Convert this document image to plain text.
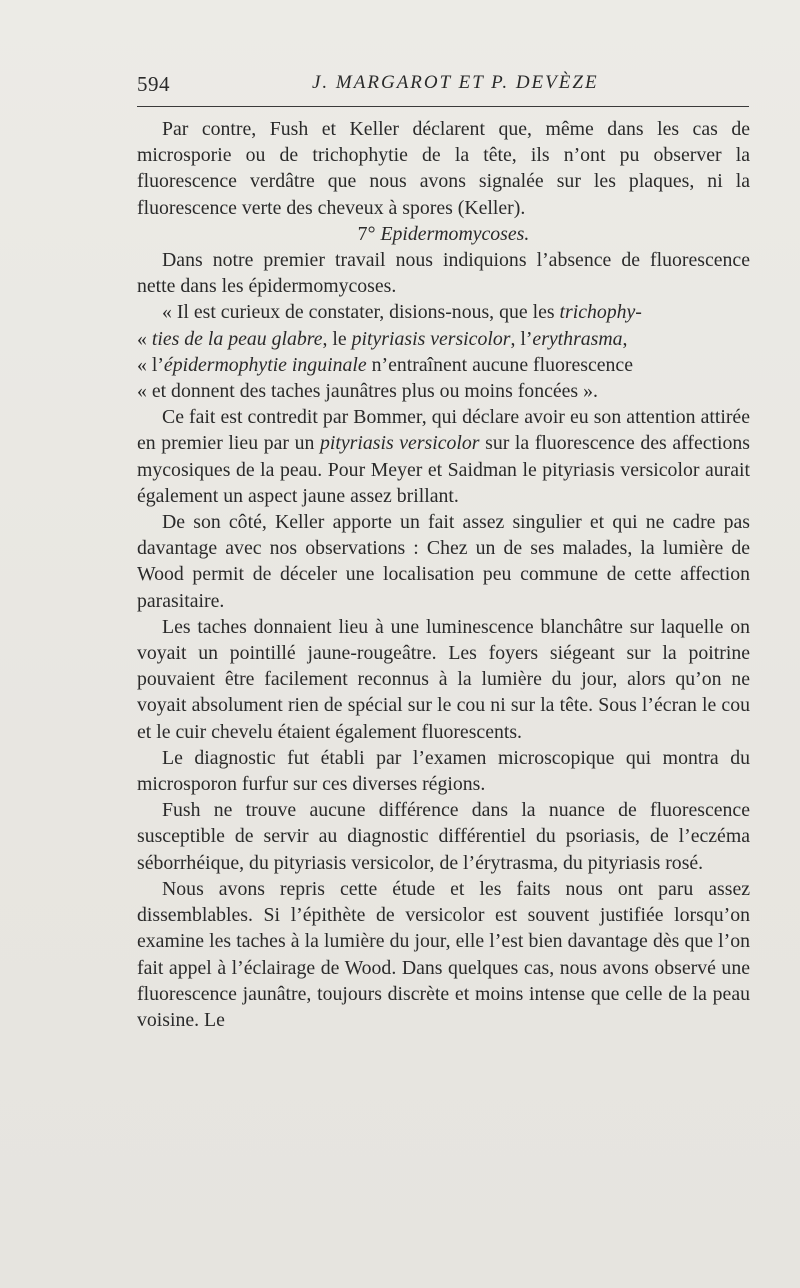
594	J. MARGAROT ET P. DEVÈZE

Par contre, Fush et Keller déclarent que, même dans les cas de microsporie ou de trichophytie de la tête, ils n’ont pu observer la fluorescence verdâtre que nous avons signalée sur les plaques, ni la fluorescence verte des cheveux à spores (Keller).

7° Epidermomycoses.

Dans notre premier travail nous indiquions l’absence de fluorescence nette dans les épidermomycoses.

« Il est curieux de constater, disions-nous, que les trichophy-

« ties de la peau glabre, le pityriasis versicolor, l’erythrasma,

« l’épidermophytie inguinale n’entraînent aucune fluorescence

« et donnent des taches jaunâtres plus ou moins foncées ».

Ce fait est contredit par Bommer, qui déclare avoir eu son attention attirée en premier lieu par un pityriasis versicolor sur la fluorescence des affections mycosiques de la peau. Pour Meyer et Saidman le pityriasis versicolor aurait également un aspect jaune assez brillant.

De son côté, Keller apporte un fait assez singulier et qui ne cadre pas davantage avec nos observations : Chez un de ses malades, la lumière de Wood permit de déceler une localisation peu commune de cette affection parasitaire.

Les taches donnaient lieu à une luminescence blanchâtre sur laquelle on voyait un pointillé jaune-rougeâtre. Les foyers siégeant sur la poitrine pouvaient être facilement reconnus à la lumière du jour, alors qu’on ne voyait absolument rien de spécial sur le cou ni sur la tête. Sous l’écran le cou et le cuir chevelu étaient également fluorescents.

Le diagnostic fut établi par l’examen microscopique qui montra du microsporon furfur sur ces diverses régions.

Fush ne trouve aucune différence dans la nuance de fluorescence susceptible de servir au diagnostic différentiel du psoriasis, de l’eczéma séborrhéique, du pityriasis versicolor, de l’érytrasma, du pityriasis rosé.

Nous avons repris cette étude et les faits nous ont paru assez dissemblables. Si l’épithète de versicolor est souvent justifiée lorsqu’on examine les taches à la lumière du jour, elle l’est bien davantage dès que l’on fait appel à l’éclairage de Wood. Dans quelques cas, nous avons observé une fluorescence jaunâtre, toujours discrète et moins intense que celle de la peau voisine. Le
